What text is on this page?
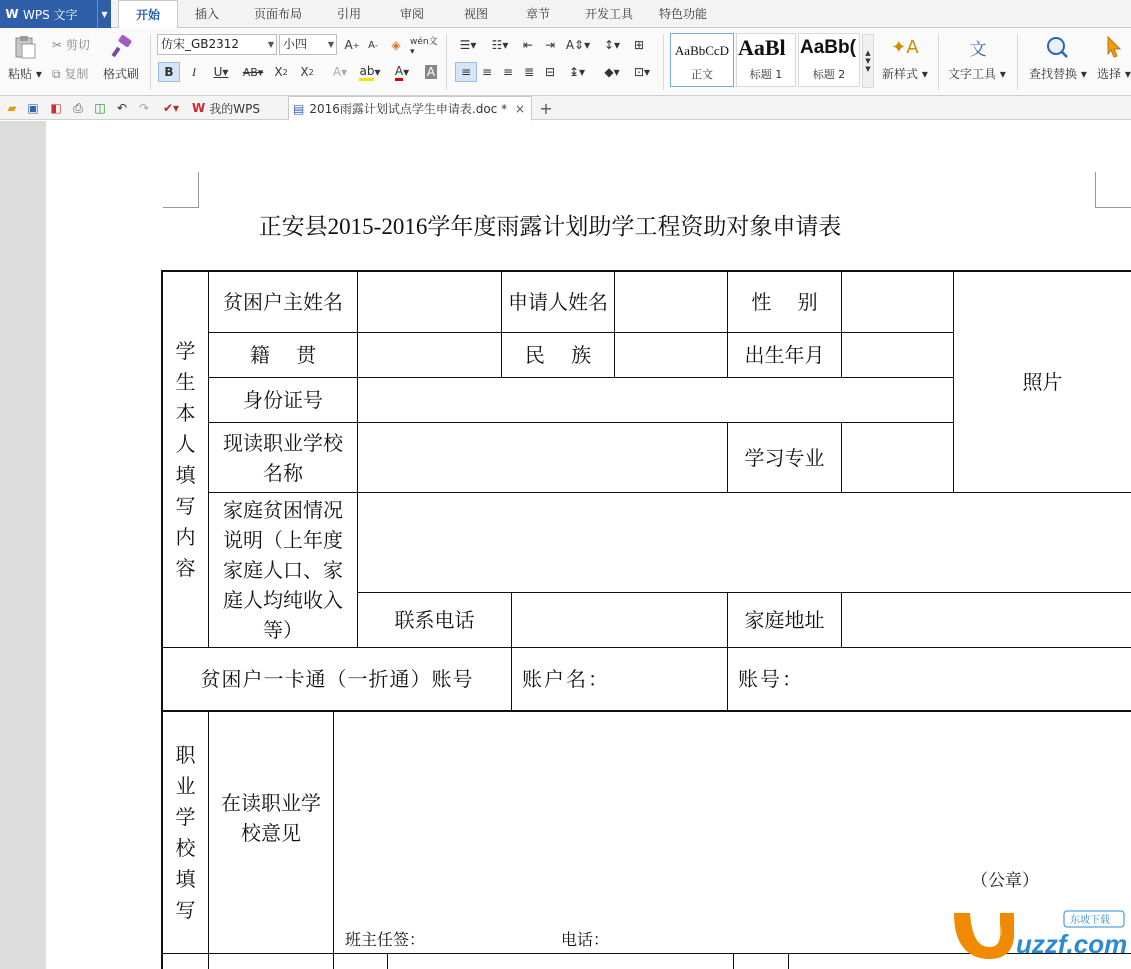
W WPS 文字	▼	开始	插入	页面布局	引用	审阅	视图	章节	开发工具	特色功能
粘贴 ▾
✂ 剪切
⧉ 复制 格式刷
仿宋_GB2312	▼ 小四	▼ A + A -	◈	wén文▾
B	I	U▾	AB▾ X 2	X 2	A▾	ab ▾ A ▾	A
☰▾	☷▾	⇤ ⇥ A⇕▾	↕▾	⊞
≡ ≡ ≡ ≣ ⊟	↨▾	◆▾	⊡▾
AaBbCcD
正文
AaBl
标题 1
AaBb(
标题 2
▲
▼
▼
✦A
新样式 ▾
文
文字工具 ▾ 查找替换 ▾ 选择 ▾
▰ ▣ ◧ ⎙ ◫ ↶ ↷ ✔▾ W 我的WPS	▤ 2016雨露计划试点学生申请表.doc * × +
正安县2015-2016学年度雨露计划助学工程资助对象申请表
学生本人填写内容
贫困户主姓名	申请人姓名	性　 别
照片
籍　 贯	民　 族	出生年月
身份证号
现读职业学校名称
学习专业
家庭贫困情况说明（上年度家庭人口、家庭人均纯收入等）	联系电话	家庭地址
贫困户一卡通（一折通）账号	账户名：	账号：
职业学校填写
在读职业学校意见
（公章）
班主任签：	电话：	uzzf.com
东坡下载
